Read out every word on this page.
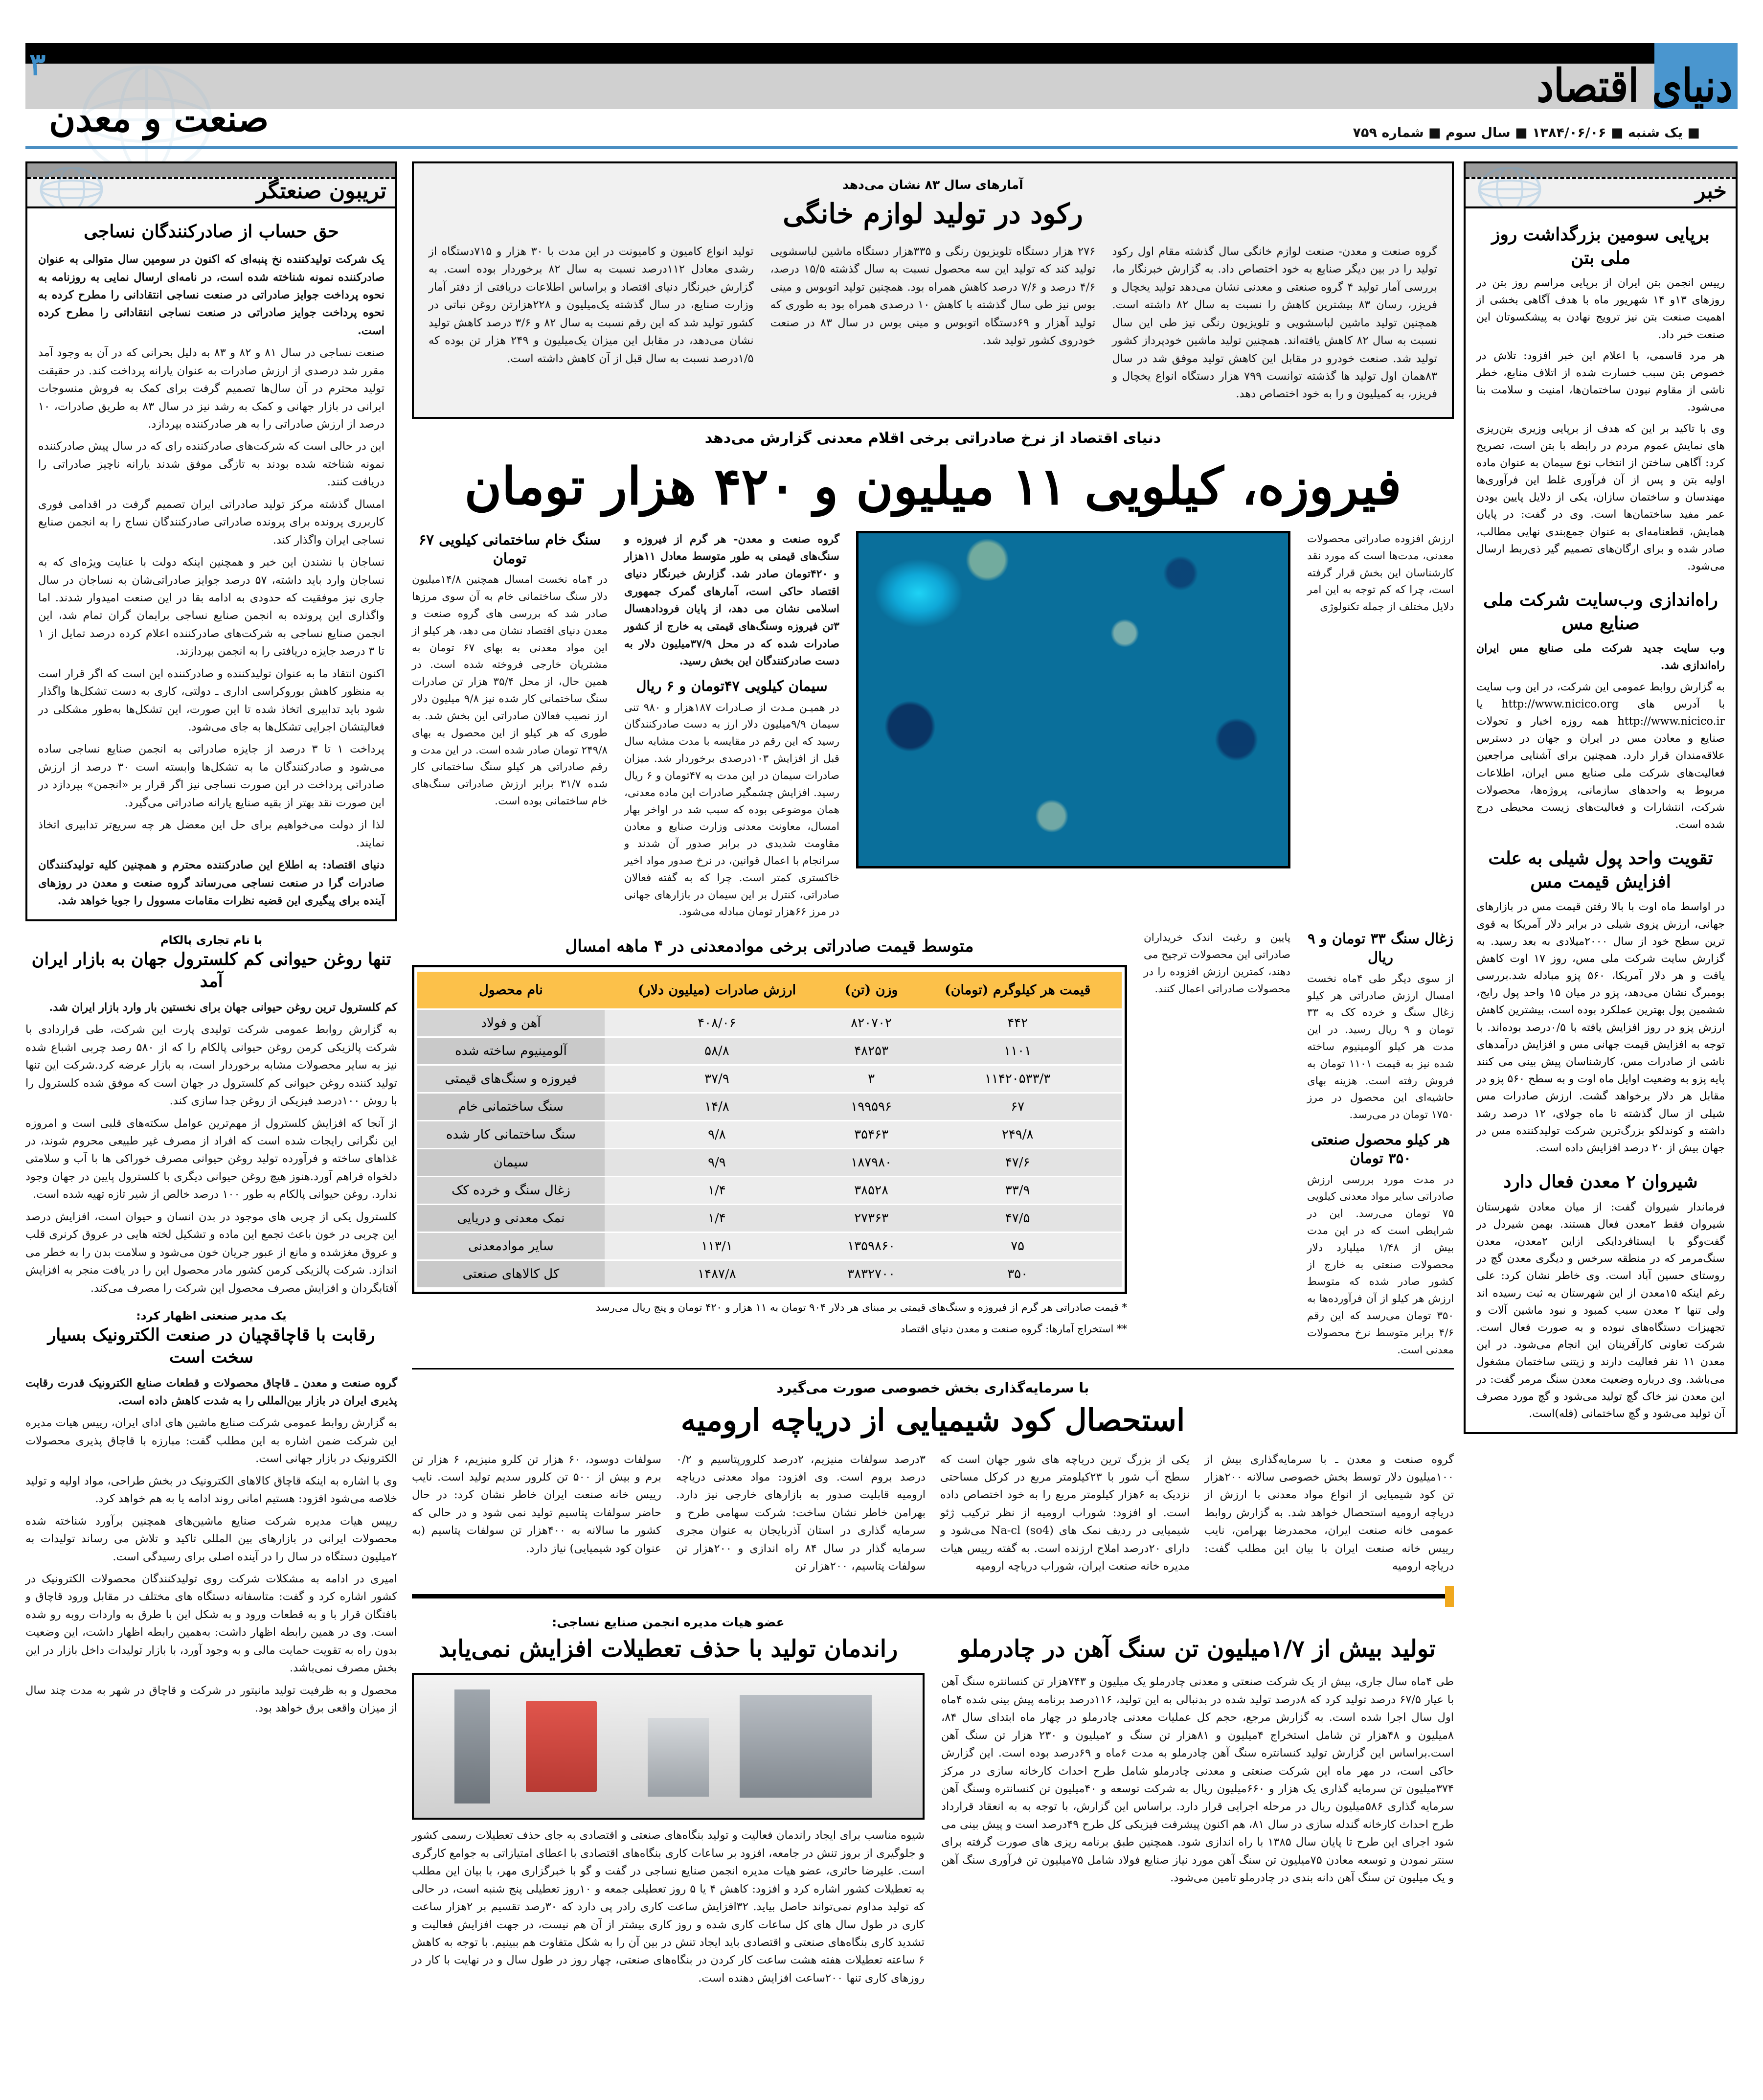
دنیای اقتصاد
۳
صنعت و معدن	■ یک شنبه ■ ۱۳۸۴/۰۶/۰۶ ■ سال سوم ■ شماره ۷۵۹
تریبون صنعتگر
حق حساب از صادرکنندگان نساجی

یک شرکت تولیدکننده نخ پنبه‌ای که اکنون در سومین سال متوالی به عنوان صادرکننده نمونه شناخته شده است، در نامه‌ای ارسال نمایی به روزنامه به نحوه پرداخت جوایز صادراتی در صنعت نساجی انتقادانی را مطرح کرده به نحوه پرداخت جوایز صادراتی در صنعت نساجی انتقاداتی را مطرح کرده است.

صنعت نساجی در سال ۸۱ و ۸۲ و ۸۳ به دلیل بحرانی که در آن به وجود آمد مقرر شد درصدی از ارزش صادرات به عنوان یارانه پرداخت کند. در حقیقت تولید محترم در آن سال‌ها تصمیم گرفت برای کمک به فروش منسوجات ایرانی در بازار جهانی و کمک به رشد نیز در سال ۸۳ به طریق صادرات، ۱۰ درصد از ارزش صادراتی را به هر صادرکننده بپردازد.

این در حالی است که شرکت‌های صادرکننده رای که در سال پیش صادرکننده نمونه شناخته شده بودند به تازگی موفق شدند یارانه ناچیز صادراتی را دریافت کنند.

امسال گذشته مرکز تولید صادراتی ایران تصمیم گرفت در اقدامی فوری کاربرری پرونده برای پرونده صادراتی صادرکنندگان نساج را به انجمن صنایع نساجی ایران واگذار کند.

نساجان با نشندن این خبر و همچنین اینکه دولت با عنایت ویژه‌ای که به نساجان وارد باید داشته، ۵۷ درصد جوایز صادراتی‌شان به نساجان در سال جاری نیز موفقیت که حدودی به ادامه بقا در این صنعت امیدوار شدند. اما واگذاری این پرونده به انجمن صنایع نساجی برایمان گران تمام شد، این انجمن صنایع نساجی به شرکت‌های صادرکننده اعلام کرده درصد تمایل از ۱ تا ۳ درصد جایزه دریافتی را به انجمن بپردازند.

اکنون انتقاد ما به عنوان تولیدکننده و صادرکننده این است که اگر قرار است به منظور کاهش بوروکراسی اداری ـ دولتی، کاری به دست تشکل‌ها واگذار شود باید تدابیری اتخاذ شده تا این صورت، این تشکل‌ها به‌طور مشکلی در فعالیتشان اجرایی تشکل‌ها به جای می‌شود.

پرداخت ۱ تا ۳ درصد از جایزه صادراتی به انجمن صنایع نساجی ساده می‌شود و صادرکنندگان ما به تشکل‌ها وابسته است ۳۰ درصد از ارزش صادراتی پرداخت در این صورت نساجی نیز اگر قرار بر «انجمن» بپردازد در این صورت نقد بهتر از بقیه صنایع یارانه صادراتی می‌گیرد.

لذا از دولت می‌خواهیم برای حل این معضل هر چه سریع‌تر تدابیری اتخاذ نمایند.

دنیای اقتصاد: به اطلاع این صادرکننده محترم و همچنین کلیه تولیدکنندگان صادرات گرا در صنعت نساجی می‌رساند گروه صنعت و معدن در روزهای آینده برای پیگیری این قضیه نظرات مقامات مسوول را جویا خواهد شد.

با نام تجاری پالکام
تنها روغن حیوانی کم کلسترول جهان به بازار ایران آمد

کم کلسترول ترین روغن حیوانی جهان برای نخستین بار وارد بازار ایران شد.

به گزارش روابط عمومی شرکت توليدی پارت این شرکت، طی قراردادی با شرکت پالزیکی کرمن روغن حیوانی پالکام را که از ۵۸۰ رصد چربی اشباع شده نیز به سایر محصولات مشابه برخوردار است، به بازار عرضه کرد.شرکت این تنها تولید کننده روغن حیوانی کم کلسترول در جهان است که موفق شده کلسترول را با روش ۱۰۰درصد فیزیکی از روغن جدا سازی کند.

از آنجا که افزایش کلسترول از مهم‌ترین عوامل سکته‌های قلبی است و امروزه این نگرانی رایجات شده است که افراد از مصرف غیر طبیعی محروم شوند، در غذا‌های ساخته و فرآورده تولید روغن حیوانی مصرف خوراکی ها با آب و سلامتی دلخواه فراهم آورد.هنوز هیچ روغن حیوانی دیگری با کلسترول پایین در جهان وجود ندارد. روغن حیوانی پالکام به طور ۱۰۰ درصد خالص از شیر تازه تهیه شده است.

کلسترول یکی از چربی های موجود در بدن انسان و حیوان است، افزایش درصد این چربی در خون باعث تجمع این ماده و تشکیل لخته هایی در عروق کرنری قلب و عروق مغزشده و مانع از عبور جریان خون می‌شود و سلامت بدن را به خطر می اندازد. شرکت پالزیکی کرمن کشور مادر محصول این را در یافت منجر به افزایش آفتابگردان و افزایش مصرف محصول این شرکت را مصرف می‌کند.

یک مدیر صنعتی اظهار کرد:
رقابت با قاچاقچیان در صنعت الکترونیک بسیار سخت است

گروه صنعت و معدن ـ قاچاق محصولات و قطعات صنایع الکترونیک قدرت رقابت پذیری ایران در بازار بین‌المللی را به شدت کاهش داده است.

به گزارش روابط عمومی شرکت صنایع ماشین های ادای ایران، رییس هیات مدیره این شرکت ضمن اشاره به این مطلب گفت: مبارزه با قاچاق پذیری محصولات الکترونیک در بازار جهانی است.

وی با اشاره به اینکه قاچاق کالاهای الکترونیک در بخش طراحی، مواد اولیه و تولید خلاصه می‌شود افزود: هستیم امانی روند ادامه یا به هم خواهد کرد.

رییس هیات مدیره شرکت صنایع ماشین‌های همچنین برآورد شناخته شده محصولات ایرانی در بازارهای بین المللی تاکید و تلاش می رساند تولیدات به ۲میلیون دستگاه در سال را در آینده اصلی برای رسیدگی است.

امیری در ادامه به مشکلات شرکت روی تولیدکنندگان محصولات الکترونیک در کشور اشاره کرد و گفت: متاسفانه دستگاه های مختلف در مقابل ورود قاچاق و بافتگان قرار با و به قطعات ورود و به شکل این با طرق به واردات روبه رو شده است. وی در همین رابطه اظهار داشت: به‌همین رابطه اظهار داشت، این وضعیت بدون راه به تقویت حمایت مالی و به وجود آورد، با بازار تولیدات داخل بازار در این بخش مصرف نمی‌باشد.

محصول و به ظرفیت تولید مانیتور در شرکت و قاچاق در شهر به مدت چند سال از میزان واقعی برق خواهد بود.

خبر
برپایی سومین بزرگداشت روز ملی بتن

رییس انجمن بتن ایران از برپایی مراسم روز بتن در روزهای ۱۳و ۱۴ شهریور ماه با هدف آگاهی بخشی از اهمیت صنعت بتن نیز ترویج نهادن به پیشکسوتان این صنعت خبر داد.

هر مرد قاسمی، با اعلام این خبر افزود: تلاش در خصوص بتن سبب خسارت شده از اتلاف منابع، خطر ناشی از مقاوم نبودن ساختمان‌ها، امنیت و سلامت بنا می‌شود.

وی با تاکید بر این که هدف از برپایی وزیری بتن‌ریزی های نمایش عموم مردم در رابطه با بتن است، تصریح کرد: آگاهی ساختن از انتخاب نوع سیمان به عنوان ماده اولیه بتن و پس از آن فرآوری غلط این فرآوری‌ها مهندسان و ساختمان سازان، یکی از دلایل پایین بودن عمر مفید ساختمان‌ها است. وی در گفت: در پایان همایش، قطعنامه‌ای به عنوان جمع‌بندی نهایی مطالب، صادر شده و برای ارگان‌های تصمیم گیر ذی‌ربط ارسال می‌شود.

راه‌اندازی وب‌سایت شرکت ملی صنایع مس

وب سایت جدید شرکت ملی صنایع مس ایران راه‌اندازی شد.

به گزارش روابط عمومی این شرکت، در این وب سایت با آدرس های http://www.nicico.org یا http://www.nicico.ir همه روزه اخبار و تحولات صنایع و معادن مس در ایران و جهان در دسترس علاقه‌مندان قرار دارد. همچنین برای آشنایی مراجعین فعالیت‌های شرکت ملی صنایع مس ایران، اطلاعات مربوط به واحدهای سازمانی، پروژه‌ها، محصولات شرکت، انتشارات و فعالیت‌های زیست محیطی درج شده است.

تقویت واحد پول شیلی به علت افزایش قیمت مس

در اواسط ماه اوت با بالا رفتن قیمت مس در بازارهای جهانی، ارزش پزوی شیلی در برابر دلار آمریکا به قوی ترین سطح خود از سال ۲۰۰۰میلادی به بعد رسید. به گزارش سایت شرکت ملی مس، روز ۱۷ اوت کاهش یافت و هر دلار آمریکا، ۵۶۰ پزو مبادله شد.بررسی بومبرگ نشان می‌دهد، پزو در میان ۱۵ واحد پول رایج، ششمین پول بهترین عملکرد بوده است، بیشترین کاهش ارزش پزو در روز افزایش یافته با ۰/۵درصد بوده‌اند. با توجه به افزایش قیمت جهانی مس و افزایش درآمدهای ناشی از صادرات مس، کارشناسان پیش بینی می کنند پایه پزو به وضعیت اوایل ماه اوت و به سطح ۵۶۰ پزو در مقابل هر دلار برخواهد گشت. ارزش صادرات مس شیلی از سال گذشته تا ماه جولای، ۱۲ درصد رشد داشته و کوندلکو بزرگ‌ترین شرکت تولیدکننده مس در جهان بیش از ۲۰ درصد افزایش داده است.

شیروان ۲ معدن فعال دارد

فرماندار شیروان گفت: از میان معادن شهرستان شیروان فقط ۲معدن فعال هستند. بهمن شیردل در گفت‌وگو با ایستافردایکی ازاین ۲معدن، معدن سنگ‌مرمر که در منطقه سرخس و دیگری معدن گچ در روستای حسین آباد است. وی خاطر نشان کرد: علی رغم اینکه ۱۵معدن از این شهرستان به ثبت رسیده اند ولی تنها ۲ معدن سبب کمبود و نبود ماشین آلات و تجهیزات دستگاه‌های نبوده و به صورت فعال است. شرکت تعاونی کارآفرینان این انجام می‌شود. در این معدن ۱۱ نفر فعالیت دارند و زیتنی ساختمان مشغول می‌باشد. وی درباره وضعیت معدن سنگ مرمر گفت: در این معدن نیز خاک گچ تولید می‌شود و گچ مورد مصرف آن تولید می‌شود و گچ ساختمانی (فله)است.

آمارهای سال ۸۳ نشان می‌دهد
رکود در تولید لوازم خانگی

گروه صنعت و معدن- صنعت لوازم خانگی سال گذشته مقام اول رکود تولید را در بین دیگر صنایع به خود اختصاص داد. به گزارش خبرنگار ما، بررسی آمار تولید ۴ گروه صنعتی و معدنی نشان می‌دهد تولید یخچال و فریزر، رسان ۸۳ بیشترین کاهش را نسبت به سال ۸۲ داشته است. همچنین تولید ماشین لباسشویی و تلویزیون رنگی نیز طی این سال نسبت به سال ۸۲ کاهش یافته‌اند. همچنین تولید ماشین خودپرداز کشور تولید شد. صنعت خودرو در مقابل این کاهش تولید موفق شد در سال ۸۳همان اول تولید ها گذشته توانست ۷۹۹ هزار دستگاه انواع یخچال و فریزر، به کمیلیون و را به خود اختصاص دهد.

۲۷۶ هزار دستگاه تلویزیون رنگی و ۳۳۵هزار دستگاه ماشین لباسشویی تولید کند که تولید این سه محصول نسبت به سال گذشته ۱۵/۵ درصد، ۴/۶ درصد و ۷/۶ درصد کاهش همراه بود. همچنین تولید اتوبوس و مینی بوس نیز طی سال گذشته با کاهش ۱۰ درصدی همراه بود به طوری که تولید آهزار و ۶۹دستگاه اتوبوس و مینی بوس در سال ۸۳ در صنعت خودروی کشور تولید شد.

تولید انواع کامیون و کامیونت در این مدت با ۳۰ هزار و ۷۱۵دستگاه از رشدی معادل ۱۱۲درصد نسبت به سال ۸۲ برخوردار بوده است. به گزارش خبرنگار دنیای اقتصاد و براساس اطلاعات دریافتی از دفتر آمار وزارت صنایع، در سال گذشته یک‌میلیون و ۲۲۸هزارتن روغن نباتی در کشور تولید شد که این رقم نسبت به سال ۸۲ و ۳/۶ درصد کاهش تولید نشان می‌دهد، در مقابل این میزان یک‌میلیون و ۲۴۹ هزار تن بوده که ۱/۵درصد نسبت به سال قبل از آن کاهش داشته است.

دنیای اقتصاد از نرخ صادراتی برخی اقلام معدنی گزارش می‌دهد
فیروزه، کیلویی ۱۱ میلیون و ۴۲۰ هزار تومان

ارزش افزوده صادراتی محصولات معدنی، مدت‌ها است که مورد نقد کارشناسان این بخش قرار گرفته است، چرا که کم توجه به این امر دلایل مختلف از جمله تکنولوژی

گروه صنعت و معدن- هر گرم از فیروزه و سنگ‌های قیمتی به طور متوسط معادل ۱۱هزار و ۴۲۰تومان صادر شد. گزارش خبرنگار دنیای اقتصاد حاکی است، آمارهای گمرک جمهوری اسلامی نشان می دهد، از پایان فرودادهسال ۳تن فیروزه وسنگ‌های قیمتی به خارج از کشور صادرات شده که در محل ۳۷/۹میلیون دلار به دست صادرکنندگان این بخش رسید.

سیمان کیلویی ۴۷تومان و ۶ ریال

در همیـن مـدت از صـادرات ۱۸۷هزار و ۹۸۰ تنی سیمان ۹/۹میلیون دلار ارز به دست صادرکنندگان رسید که این رقم در مقایسه با مدت مشابه سال قبل از افزایش ۱۰۳درصدی برخوردار شد. میزان صادرات سیمان در این مدت به ۴۷تومان و ۶ ریال رسید. افزایش چشمگیر صادرات این ماده معدنی، همان موضوعی بوده که سبب شد در اواخر بهار امسال، معاونت معدنی وزارت صنایع و معادن مقاومت شدیدی در برابر صدور آن شدند و سرانجام با اعمال قوانین، در نرخ صدور مواد اخیر خاکستری کمتر است. چرا که به گفته فعالان صادراتی، کنترل بر این سیمان در بازارهای جهانی در مرز ۶۶هزار تومان مبادله می‌شود.

سنگ خام ساختمانی کیلویی ۶۷ تومان

در ۴ماه نخست امسال همچنین ۱۴/۸میلیون دلار سنگ ساختمانی خام به آن سوی مرزها صادر شد که بررسی های گروه صنعت و معدن دنیای اقتصاد نشان می دهد، هر کیلو از این مواد معدنی به بهای ۶۷ تومان به مشتریان خارجی فروخته شده است. در همین حال، از محل ۳۵/۴ هزار تن صادرات سنگ ساختمانی کار شده نیز ۹/۸ میلیون دلار ارز نصیب فعالان صادراتی این بخش شد. به طوری که هر کیلو از این محصول به بهای ۲۴۹/۸ تومان صادر شده است. در این مدت و رقم صادراتی هر کیلو سنگ ساختمانی کار شده ۳۱/۷ برابر ارزش صادراتی سنگ‌های خام ساختمانی بوده است.

زغال سنگ ۳۳ تومان و ۹ ریال

از سوی دیگر طی ۴ماه نخست امسال ارزش صادراتی هر کیلو زغال سنگ و خرده کک به ۳۳ تومان و ۹ ریال رسید. در این مدت هر کیلو آلومینیوم ساخته شده نیز به قیمت ۱۱۰۱ تومان به فروش رفته است. هزینه بهای حاشیه‌ای این محصول در مرز ۱۷۵۰ تومان در می‌رسد.

هر کیلو محصول صنعتی ۳۵۰ تومان

در مدت مورد بررسی ارزش صادراتی سایر مواد معدنی کیلویی ۷۵ تومان می‌رسد. این در شرایطی است که در این مدت بیش از ۱/۴۸ میلیارد دلار محصولات صنعتی به خارج از کشور صادر شده که متوسط ارزش هر کیلو از آن فرآورده‌ها به ۳۵۰ تومان می‌رسد که این رقم ۴/۶ برابر متوسط نرخ محصولات معدنی است.

پایین و رغبت اندک خریداران صادراتی این محصولات ترجیح می دهند، کمترین ارزش افزوده را در محصولات صادراتی اعمال کنند.

متوسط قیمت صادراتی برخی موادمعدنی در ۴ ماهه امسال
قیمت هر کیلوگرم (تومان)	وزن (تن)	ارزش صادرات (میلیون دلار)	نام محصول
۴۴۲	۸۲۰۷۰۲	۴۰۸/۰۶	آهن و فولاد
۱۱۰۱	۴۸۲۵۳	۵۸/۸	آلومینیوم ساخته شده
۱۱۴۲۰۵۳۳/۳	۳	۳۷/۹	فیروزه و سنگ‌های قیمتی
۶۷	۱۹۹۵۹۶	۱۴/۸	سنگ ساختمانی خام
۲۴۹/۸	۳۵۴۶۳	۹/۸	سنگ ساختمانی کار شده
۴۷/۶	۱۸۷۹۸۰	۹/۹	سیمان
۳۳/۹	۳۸۵۲۸	۱/۴	زغال سنگ و خرده کک
۴۷/۵	۲۷۳۶۳	۱/۴	نمک معدنی و دریایی
۷۵	۱۳۵۹۸۶۰	۱۱۳/۱	سایر موادمعدنی
۳۵۰	۳۸۳۲۷۰۰	۱۴۸۷/۸	کل کالاهای صنعتی
* قیمت صادراتی هر گرم از فیروزه و سنگ‌های قیمتی بر مبنای هر دلار ۹۰۴ تومان به ۱۱ هزار و ۴۲۰ تومان و پنج ریال می‌رسد
** استخراج آمارها: گروه صنعت و معدن دنیای اقتصاد
با سرمایه‌گذاری بخش خصوصی صورت می‌گیرد
استحصال کود شیمیایی از دریاچه ارومیه

گروه صنعت و معدن ـ با سرمایه‌گذاری بیش از ۱۰۰میلیون دلار توسط بخش خصوصی سالانه ۲۰۰هزار تن کود شیمیایی از انواع مواد معدنی با ارزش از دریاچه ارومیه استحصال خواهد شد. به گزارش روابط عمومی خانه صنعت ایران، محمدرضا بهرامن، نایب رییس خانه صنعت ایران با بیان این مطلب گفت: دریاچه ارومیه

یکی از بزرگ ترین دریاچه های شور جهان است که سطح آب شور با ۲۳کیلومتر مربع در کرکل مساحتی نزدیک به ۶هزار کیلومتر مربع را به خود اختصاص داده است. او افزود: شوراب ارومیه از نظر ترکیب ژئو شیمیایی در ردیف نمک های Na-cl (so4) می‌شود و دارای ۲۰درصد املاح ارزنده است. به گفته رییس هیات مدیره خانه صنعت ایران، شوراب دریاچه ارومیه

۳درصد سولفات منیزیم، ۲درصد کلرورپتاسیم و ۰/۲ درصد بروم است. وی افزود: مواد معدنی دریاچه ارومیه قابلیت صدور به بازارهای خارجی نیز دارد. بهرامن خاطر نشان ساخت: شرکت سهامی طرح و سرمایه گذاری در استان آذربایجان به عنوان مجری سرمایه گذار در سال ۸۴ راه اندازی و ۲۰۰هزار تن سولفات پتاسیم، ۲۰۰هزار تن

سولفات دوسود، ۶۰ هزار تن کلرو منیزیم، ۶ هزار تن برم و بیش از ۵۰۰ تن کلرور سدیم تولید است. نایب رییس خانه صنعت ایران خاطر نشان کرد: در حال حاضر سولفات پتاسیم تولید نمی شود و در حالی که کشور ما سالانه به ۴۰۰هزار تن سولفات پتاسیم (به عنوان کود شیمیایی) نیاز دارد.

تولید بیش از ۱/۷میلیون تن سنگ آهن در چادرملو

طی ۴ماه سال جاری، بیش از یک شرکت صنعتی و معدنی چادرملو یک میلیون و ۷۴۳هزار تن کنسانتره سنگ آهن با عیار ۶۷/۵ درصد تولید کرد که ۸درصد تولید شده در بدنبالی به این تولید، ۱۱۶درصد برنامه پیش بینی شده ۴ماه اول سال اجرا شده است. به گزارش مرجع، حجم کل عملیات معدنی چادرملو در چهار ماه ابتدای سال ۸۴، ۸میلیون و ۴۸هزار تن شامل استخراج ۴میلیون و ۸۱هزار تن سنگ و ۲میلیون و ۲۳۰ هزار تن سنگ آهن است.براساس این گزارش تولید کنسانتره سنگ آهن چادرملو به مدت ۶ماه و ۶۹درصد بوده است. این گزارش حاکی است، در مهر ماه این شرکت صنعتی و معدنی چادرملو شامل طرح احداث کارخانه سازی در مرکز ۳۷۴میلیون تن سرمایه گذاری یک هزار و ۶۶۰میلیون ریال به شرکت توسعه و ۴۰میلیون تن کنسانتره وسنگ آهن سرمایه گذاری ۵۸۶میلیون ریال در مرحله اجرایی قرار دارد. براساس این گزارش، با توجه به به انعقاد قرارداد طرح احداث کارخانه گندله سازی در سال ۸۱، هم اکنون پیشرفت فیزیکی کل طرح ۴۹درصد است و پیش بینی می شود اجرای این طرح تا پایان سال ۱۳۸۵ با راه اندازی شود. همچنین طبق برنامه ریزی های صورت گرفته برای سنتر نمودن و توسعه معادن ۷۵میلیون تن سنگ آهن مورد نیاز صنایع فولاد شامل ۷۵میلیون تن فرآوری سنگ آهن و یک میلیون تن سنگ آهن دانه بندی در چادرملو تامین می‌شود.

عضو هیات مدیره انجمن صنایع نساجی:
راندمان تولید با حذف تعطیلات افزایش نمی‌یابد

شیوه مناسب برای ایجاد راندمان فعالیت و تولید بنگاه‌های صنعتی و اقتصادی به جای حذف تعطیلات رسمی کشور و جلوگیری از بروز تنش در جامعه، افزود بر ساعات کاری بنگاه‌های اقتصادی با اعطای امتیازاتی به جوامع کارگری است. علیرضا حائری، عضو هیات مدیره انجمن صنایع نساجی در گفت و گو با خبرگزاری مهر، با بیان این مطلب به تعطیلات کشور اشاره کرد و افزود: کاهش ۴ یا ۵ روز تعطیلی جمعه و ۱۰روز تعطیلی پنج شنبه است، در حالی که تولید مداوم نمی‌تواند حاصل بیاید. ۳۲افزایش ساعت کاری رادر پی دارد که ۳۰رصد تقسیم بر ۲هزار ساعت کاری در طول سال های کل ساعات کاری شده و روز کاری بیشتر از آن هم نیست، در جهت افزایش فعالیت و تشدید کاری بنگاه‌های صنعتی و اقتصادی باید ایجاد تنش در بین آن را به شکل متفاوت هم ببینیم. با توجه به کاهش ۶ ساعته تعطیلات هفته هشت ساعت کار کردن در بنگاه‌های صنعتی، چهار روز در طول سال و در نهایت با کار در روزهای کاری تنها ۲۰۰ساعت افزایش دهنده است.
